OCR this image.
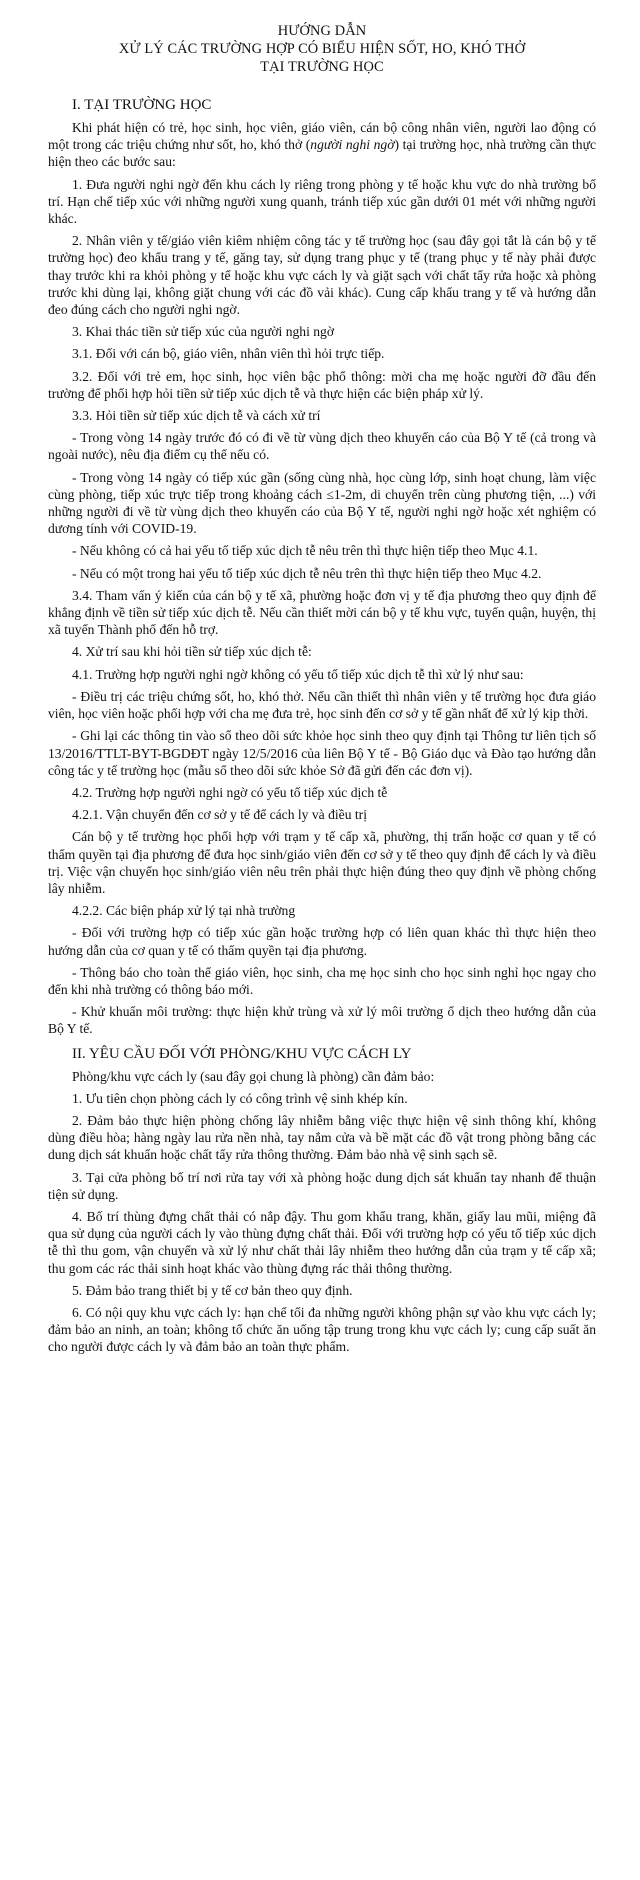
HƯỚNG DẪN
XỬ LÝ CÁC TRƯỜNG HỢP CÓ BIỂU HIỆN SỐT, HO, KHÓ THỞ
TẠI TRƯỜNG HỌC
I. TẠI TRƯỜNG HỌC

Khi phát hiện có trẻ, học sinh, học viên, giáo viên, cán bộ công nhân viên, người lao động có một trong các triệu chứng như sốt, ho, khó thở (người nghi ngờ) tại trường học, nhà trường cần thực hiện theo các bước sau:

1. Đưa người nghi ngờ đến khu cách ly riêng trong phòng y tế hoặc khu vực do nhà trường bố trí. Hạn chế tiếp xúc với những người xung quanh, tránh tiếp xúc gần dưới 01 mét với những người khác.

2. Nhân viên y tế/giáo viên kiêm nhiệm công tác y tế trường học (sau đây gọi tắt là cán bộ y tế trường học) đeo khẩu trang y tế, găng tay, sử dụng trang phục y tế (trang phục y tế này phải được thay trước khi ra khỏi phòng y tế hoặc khu vực cách ly và giặt sạch với chất tẩy rửa hoặc xà phòng trước khi dùng lại, không giặt chung với các đồ vải khác). Cung cấp khẩu trang y tế và hướng dẫn đeo đúng cách cho người nghi ngờ.

3. Khai thác tiền sử tiếp xúc của người nghi ngờ

3.1. Đối với cán bộ, giáo viên, nhân viên thì hỏi trực tiếp.

3.2. Đối với trẻ em, học sinh, học viên bậc phổ thông: mời cha mẹ hoặc người đỡ đầu đến trường để phối hợp hỏi tiền sử tiếp xúc dịch tễ và thực hiện các biện pháp xử lý.

3.3. Hỏi tiền sử tiếp xúc dịch tễ và cách xử trí

- Trong vòng 14 ngày trước đó có đi về từ vùng dịch theo khuyến cáo của Bộ Y tế (cả trong và ngoài nước), nêu địa điểm cụ thể nếu có.

- Trong vòng 14 ngày có tiếp xúc gần (sống cùng nhà, học cùng lớp, sinh hoạt chung, làm việc cùng phòng, tiếp xúc trực tiếp trong khoảng cách ≤1-2m, di chuyển trên cùng phương tiện, ...) với những người đi về từ vùng dịch theo khuyến cáo của Bộ Y tế, người nghi ngờ hoặc xét nghiệm có dương tính với COVID-19.

- Nếu không có cả hai yếu tố tiếp xúc dịch tễ nêu trên thì thực hiện tiếp theo Mục 4.1.

- Nếu có một trong hai yếu tố tiếp xúc dịch tễ nêu trên thì thực hiện tiếp theo Mục 4.2.

3.4. Tham vấn ý kiến của cán bộ y tế xã, phường hoặc đơn vị y tế địa phương theo quy định để khẳng định về tiền sử tiếp xúc dịch tễ. Nếu cần thiết mời cán bộ y tế khu vực, tuyến quận, huyện, thị xã tuyến Thành phố đến hỗ trợ.

4. Xử trí sau khi hỏi tiền sử tiếp xúc dịch tễ:

4.1. Trường hợp người nghi ngờ không có yếu tố tiếp xúc dịch tễ thì xử lý như sau:

- Điều trị các triệu chứng sốt, ho, khó thở. Nếu cần thiết thì nhân viên y tế trường học đưa giáo viên, học viên hoặc phối hợp với cha mẹ đưa trẻ, học sinh đến cơ sở y tế gần nhất để xử lý kịp thời.

- Ghi lại các thông tin vào sổ theo dõi sức khỏe học sinh theo quy định tại Thông tư liên tịch số 13/2016/TTLT-BYT-BGDĐT ngày 12/5/2016 của liên Bộ Y tế - Bộ Giáo dục và Đào tạo hướng dẫn công tác y tế trường học (mẫu sổ theo dõi sức khỏe Sở đã gửi đến các đơn vị).

4.2. Trường hợp người nghi ngờ có yếu tố tiếp xúc dịch tễ

4.2.1. Vận chuyển đến cơ sở y tế để cách ly và điều trị

Cán bộ y tế trường học phối hợp với trạm y tế cấp xã, phường, thị trấn hoặc cơ quan y tế có thẩm quyền tại địa phương để đưa học sinh/giáo viên đến cơ sở y tế theo quy định để cách ly và điều trị. Việc vận chuyển học sinh/giáo viên nêu trên phải thực hiện đúng theo quy định về phòng chống lây nhiễm.

4.2.2. Các biện pháp xử lý tại nhà trường

- Đối với trường hợp có tiếp xúc gần hoặc trường hợp có liên quan khác thì thực hiện theo hướng dẫn của cơ quan y tế có thẩm quyền tại địa phương.

- Thông báo cho toàn thể giáo viên, học sinh, cha mẹ học sinh cho học sinh nghỉ học ngay cho đến khi nhà trường có thông báo mới.

- Khử khuẩn môi trường: thực hiện khử trùng và xử lý môi trường ổ dịch theo hướng dẫn của Bộ Y tế.

II. YÊU CẦU ĐỐI VỚI PHÒNG/KHU VỰC CÁCH LY

Phòng/khu vực cách ly (sau đây gọi chung là phòng) cần đảm bảo:

1. Ưu tiên chọn phòng cách ly có công trình vệ sinh khép kín.

2. Đảm bảo thực hiện phòng chống lây nhiễm bằng việc thực hiện vệ sinh thông khí, không dùng điều hòa; hàng ngày lau rửa nền nhà, tay nắm cửa và bề mặt các đồ vật trong phòng bằng các dung dịch sát khuẩn hoặc chất tẩy rửa thông thường. Đảm bảo nhà vệ sinh sạch sẽ.

3. Tại cửa phòng bố trí nơi rửa tay với xà phòng hoặc dung dịch sát khuẩn tay nhanh để thuận tiện sử dụng.

4. Bố trí thùng đựng chất thải có nắp đậy. Thu gom khẩu trang, khăn, giấy lau mũi, miệng đã qua sử dụng của người cách ly vào thùng đựng chất thải. Đối với trường hợp có yếu tố tiếp xúc dịch tễ thì thu gom, vận chuyển và xử lý như chất thải lây nhiễm theo hướng dẫn của trạm y tế cấp xã; thu gom các rác thải sinh hoạt khác vào thùng đựng rác thải thông thường.

5. Đảm bảo trang thiết bị y tế cơ bản theo quy định.

6. Có nội quy khu vực cách ly: hạn chế tối đa những người không phận sự vào khu vực cách ly; đảm bảo an ninh, an toàn; không tổ chức ăn uống tập trung trong khu vực cách ly; cung cấp suất ăn cho người được cách ly và đảm bảo an toàn thực phẩm.
